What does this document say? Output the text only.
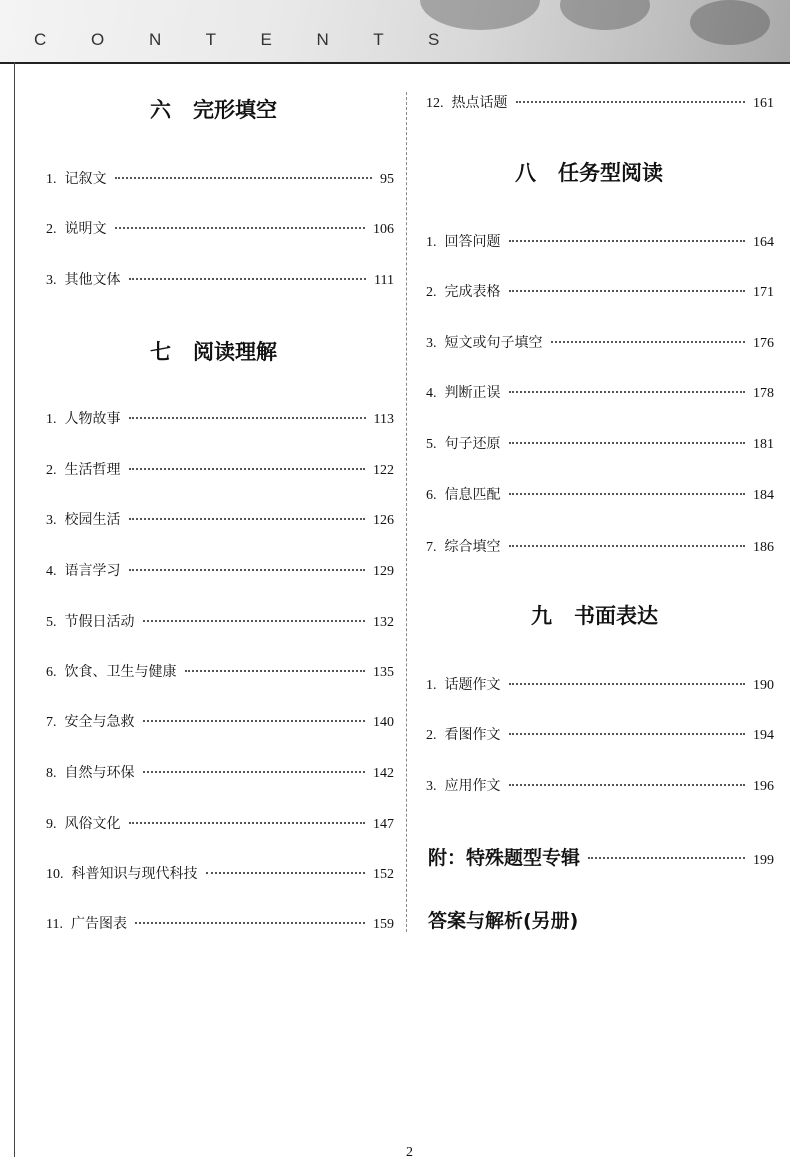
C O N T E N T S
六 完形填空
七 阅读理解
八 任务型阅读
九 书面表达
1. 记叙文	95
2. 说明文	106
3. 其他文体	111
1. 人物故事	113
2. 生活哲理	122
3. 校园生活	126
4. 语言学习	129
5. 节假日活动	132
6. 饮食、卫生与健康	135
7. 安全与急救	140
8. 自然与环保	142
9. 风俗文化	147
10. 科普知识与现代科技	152
11. 广告图表	159
12. 热点话题	161
1. 回答问题	164
2. 完成表格	171
3. 短文或句子填空	176
4. 判断正误	178
5. 句子还原	181
6. 信息匹配	184
7. 综合填空	186
1. 话题作文	190
2. 看图作文	194
3. 应用作文	196
附：特殊题型专辑	199
答案与解析(另册)
2
